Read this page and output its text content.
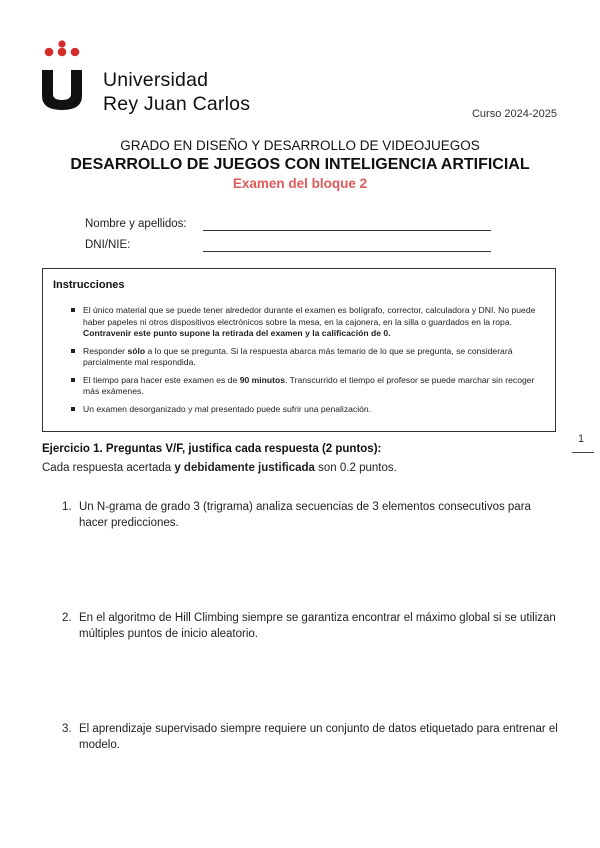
Universidad
Rey Juan Carlos	Curso 2024-2025
GRADO EN DISEÑO Y DESARROLLO DE VIDEOJUEGOS
DESARROLLO DE JUEGOS CON INTELIGENCIA ARTIFICIAL
Examen del bloque 2
Nombre y apellidos:
DNI/NIE:
Instrucciones
El único material que se puede tener alrededor durante el examen es bolígrafo, corrector, calculadora y DNI. No puede haber papeles ni otros dispositivos electrónicos sobre la mesa, en la cajonera, en la silla o guardados en la ropa. Contravenir este punto supone la retirada del examen y la calificación de 0.
Responder sólo a lo que se pregunta. Si la respuesta abarca más temario de lo que se pregunta, se considerará parcialmente mal respondida.
El tiempo para hacer este examen es de 90 minutos. Transcurrido el tiempo el profesor se puede marchar sin recoger más exámenes.
Un examen desorganizado y mal presentado puede sufrir una penalización.
1
Ejercicio 1. Preguntas V/F, justifica cada respuesta (2 puntos):
Cada respuesta acertada y debidamente justificada son 0.2 puntos.
1. Un N-grama de grado 3 (trigrama) analiza secuencias de 3 elementos consecutivos para hacer predicciones.
2. En el algoritmo de Hill Climbing siempre se garantiza encontrar el máximo global si se utilizan múltiples puntos de inicio aleatorio.
3. El aprendizaje supervisado siempre requiere un conjunto de datos etiquetado para entrenar el modelo.
